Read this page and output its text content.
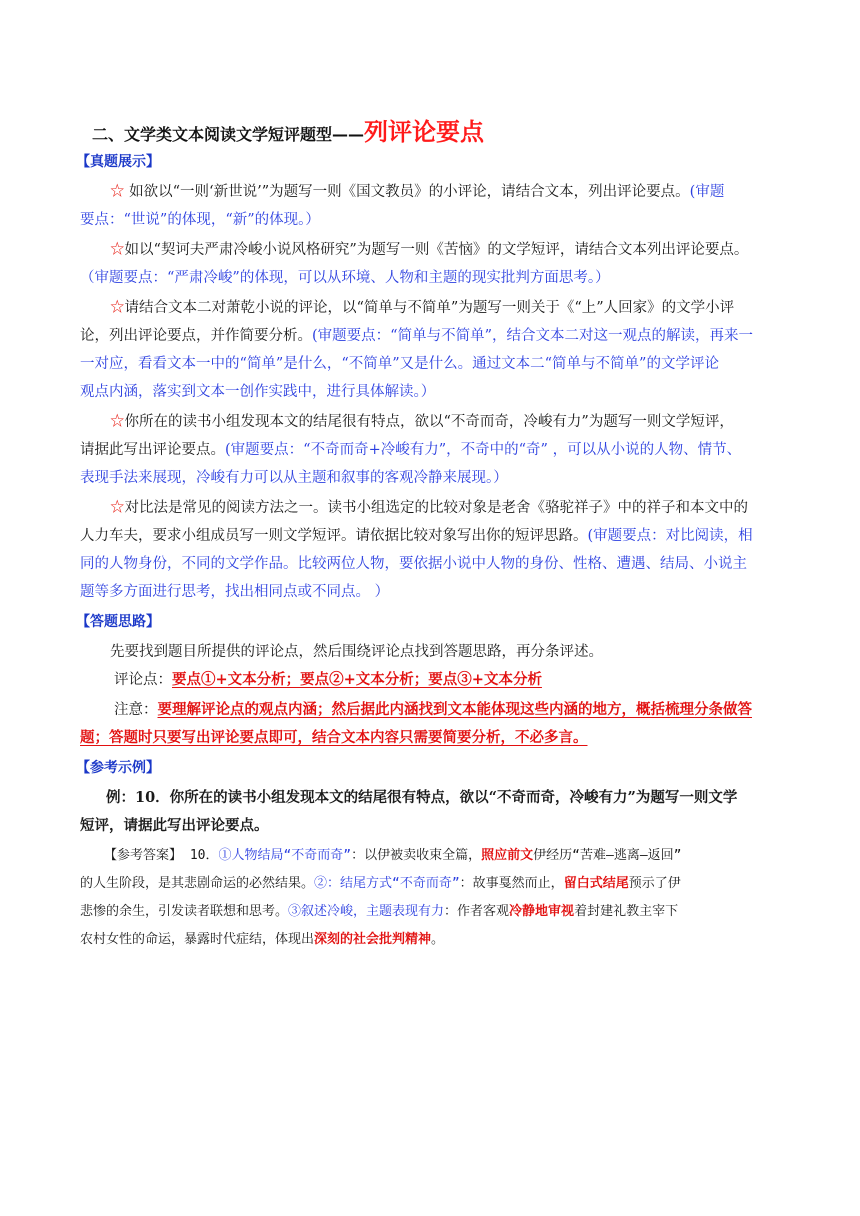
二、文学类文本阅读文学短评题型——列评论要点
【真题展示】
☆ 如欲以“一则‘新世说’”为题写一则《国文教员》的小评论，请结合文本，列出评论要点。(审题
要点：“世说”的体现，“新”的体现。）
☆如以“契诃夫严肃冷峻小说风格研究”为题写一则《苦恼》的文学短评，请结合文本列出评论要点。
（审题要点：“严肃冷峻”的体现，可以从环境、人物和主题的现实批判方面思考。）
☆请结合文本二对萧乾小说的评论，以“简单与不简单”为题写一则关于《“上”人回家》的文学小评
论，列出评论要点，并作简要分析。(审题要点：“简单与不简单”，结合文本二对这一观点的解读，再来一
一对应，看看文本一中的“简单”是什么，“不简单”又是什么。通过文本二“简单与不简单”的文学评论
观点内涵，落实到文本一创作实践中，进行具体解读。）
☆你所在的读书小组发现本文的结尾很有特点，欲以“不奇而奇，冷峻有力”为题写一则文学短评，
请据此写出评论要点。(审题要点：“不奇而奇+冷峻有力”，不奇中的“奇” ，可以从小说的人物、情节、
表现手法来展现，冷峻有力可以从主题和叙事的客观冷静来展现。）
☆对比法是常见的阅读方法之一。读书小组选定的比较对象是老舍《骆驼祥子》中的祥子和本文中的
人力车夫，要求小组成员写一则文学短评。请依据比较对象写出你的短评思路。(审题要点：对比阅读，相
同的人物身份，不同的文学作品。比较两位人物，要依据小说中人物的身份、性格、遭遇、结局、小说主
题等多方面进行思考，找出相同点或不同点。 ）
【答题思路】
先要找到题目所提供的评论点，然后围绕评论点找到答题思路，再分条评述。
评论点：要点①+文本分析；要点②+文本分析；要点③+文本分析
注意：要理解评论点的观点内涵；然后据此内涵找到文本能体现这些内涵的地方，概括梳理分条做答
题；答题时只要写出评论要点即可，结合文本内容只需要简要分析，不必多言。
【参考示例】
例：10．你所在的读书小组发现本文的结尾很有特点，欲以“不奇而奇，冷峻有力”为题写一则文学
短评，请据此写出评论要点。
【参考答案】 10．①人物结局“不奇而奇”：以伊被卖收束全篇，照应前文伊经历“苦难—逃离—返回”
的人生阶段，是其悲剧命运的必然结果。②：结尾方式“不奇而奇”：故事戛然而止，留白式结尾预示了伊
悲惨的余生，引发读者联想和思考。③叙述冷峻，主题表现有力：作者客观冷静地审视着封建礼教主宰下
农村女性的命运，暴露时代症结，体现出深刻的社会批判精神。
